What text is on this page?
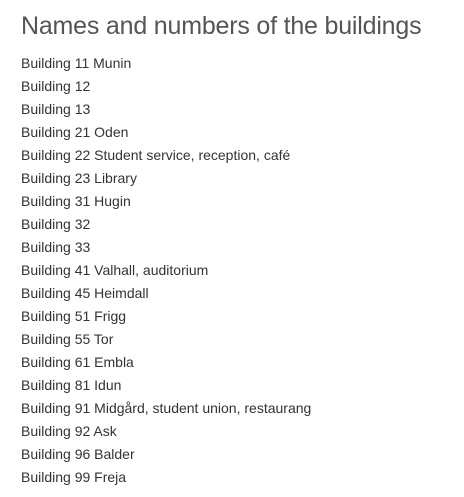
Names and numbers of the buildings
Building 11 Munin
Building 12
Building 13
Building 21 Oden
Building 22 Student service, reception, café
Building 23 Library
Building 31 Hugin
Building 32
Building 33
Building 41 Valhall, auditorium
Building 45 Heimdall
Building 51 Frigg
Building 55 Tor
Building 61 Embla
Building 81 Idun
Building 91 Midgård, student union, restaurang
Building 92 Ask
Building 96 Balder
Building 99 Freja
